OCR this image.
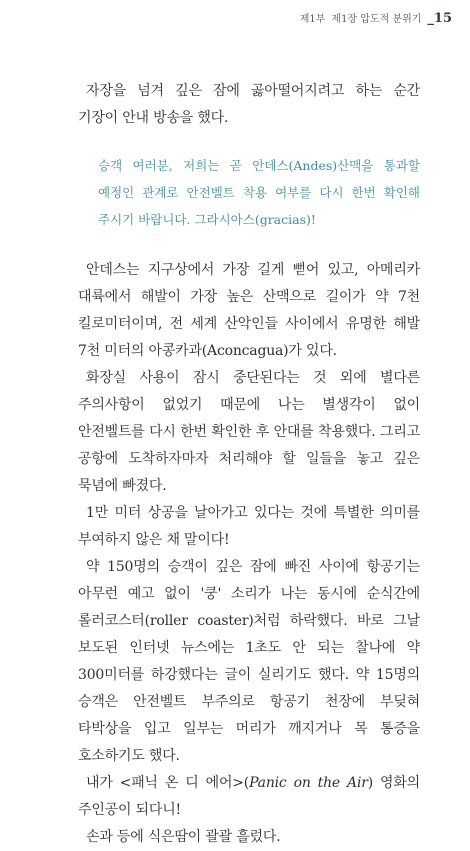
제1부 제1장 압도적 분위기 _15

자장을 넘겨 깊은 잠에 곯아떨어지려고 하는 순간 기장이 안내 방송을 했다.

승객 여러분, 저희는 곧 안데스(Andes)산맥을 통과할 예정인 관계로 안전벨트 착용 여부를 다시 한번 확인해 주시기 바랍니다. 그라시아스(gracias)!

안데스는 지구상에서 가장 길게 뻗어 있고, 아메리카 대륙에서 해발이 가장 높은 산맥으로 길이가 약 7천 킬로미터이며, 전 세계 산악인들 사이에서 유명한 해발 7천 미터의 아콩카과(Aconcagua)가 있다.

화장실 사용이 잠시 중단된다는 것 외에 별다른 주의사항이 없었기 때문에 나는 별생각이 없이 안전벨트를 다시 한번 확인한 후 안대를 착용했다. 그리고 공항에 도착하자마자 처리해야 할 일들을 놓고 깊은 묵념에 빠졌다.

1만 미터 상공을 날아가고 있다는 것에 특별한 의미를 부여하지 않은 채 말이다!

약 150명의 승객이 깊은 잠에 빠진 사이에 항공기는 아무런 예고 없이 '쿵' 소리가 나는 동시에 순식간에 롤러코스터(roller coaster)처럼 하락했다. 바로 그날 보도된 인터넷 뉴스에는 1초도 안 되는 찰나에 약 300미터를 하강했다는 글이 실리기도 했다. 약 15명의 승객은 안전벨트 부주의로 항공기 천장에 부딪혀 타박상을 입고 일부는 머리가 깨지거나 목 통증을 호소하기도 했다.

내가 <패닉 온 디 에어>(Panic on the Air) 영화의 주인공이 되다니!

손과 등에 식은땀이 괄괄 흘렀다.
